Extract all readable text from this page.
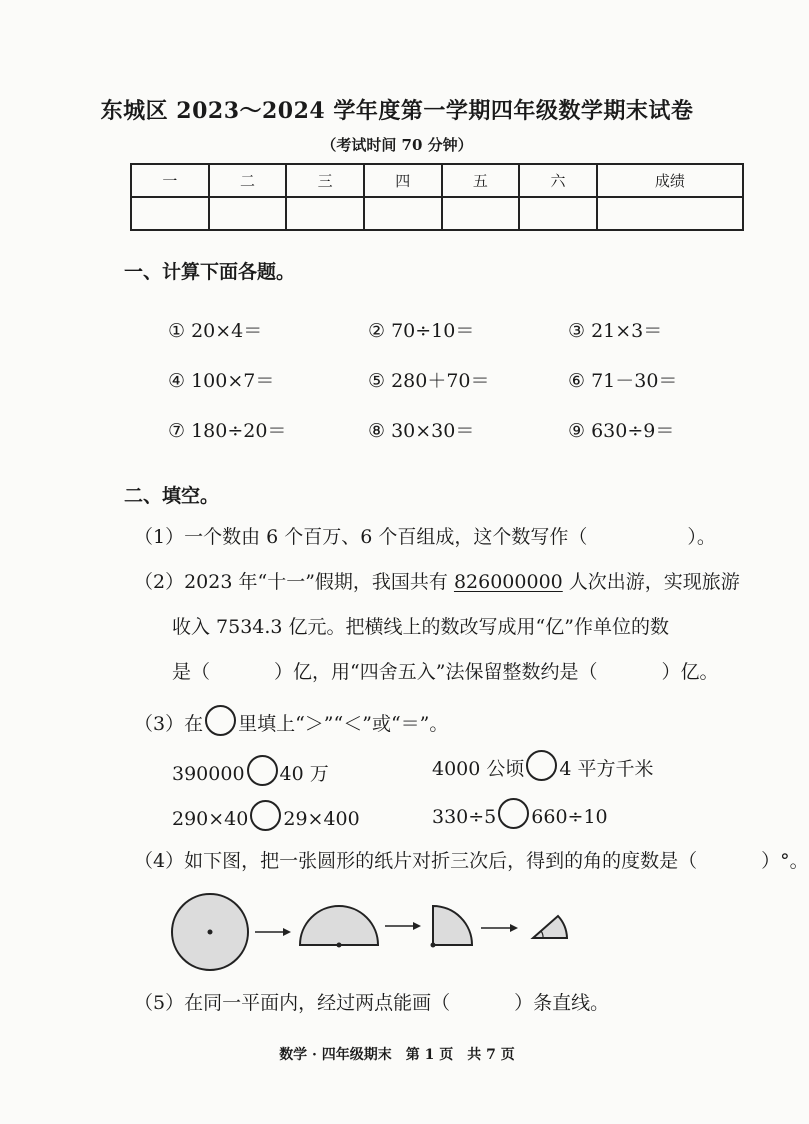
东城区 2023～2024 学年度第一学期四年级数学期末试卷
（考试时间 70 分钟）
一	二	三	四	五	六	成绩

一、计算下面各题。
① 20×4＝	② 70÷10＝	③ 21×3＝
④ 100×7＝	⑤ 280＋70＝	⑥ 71－30＝
⑦ 180÷20＝	⑧ 30×30＝	⑨ 630÷9＝
二、填空。
（1）一个数由 6 个百万、6 个百组成，这个数写作（	）。
（2）2023 年“十一”假期，我国共有 826000000 人次出游，实现旅游
收入 7534.3 亿元。把横线上的数改写成用“亿”作单位的数
是（	）亿，用“四舍五入”法保留整数约是（	）亿。
（3）在 里填上“＞”“＜”或“＝”。
390000 40 万	4000 公顷 4 平方千米
290×40 29×400	330÷5 660÷10
（4）如下图，把一张圆形的纸片对折三次后，得到的角的度数是（	）°。
（5）在同一平面内，经过两点能画（	）条直线。
数学 · 四年级期末　第 1 页　共 7 页
